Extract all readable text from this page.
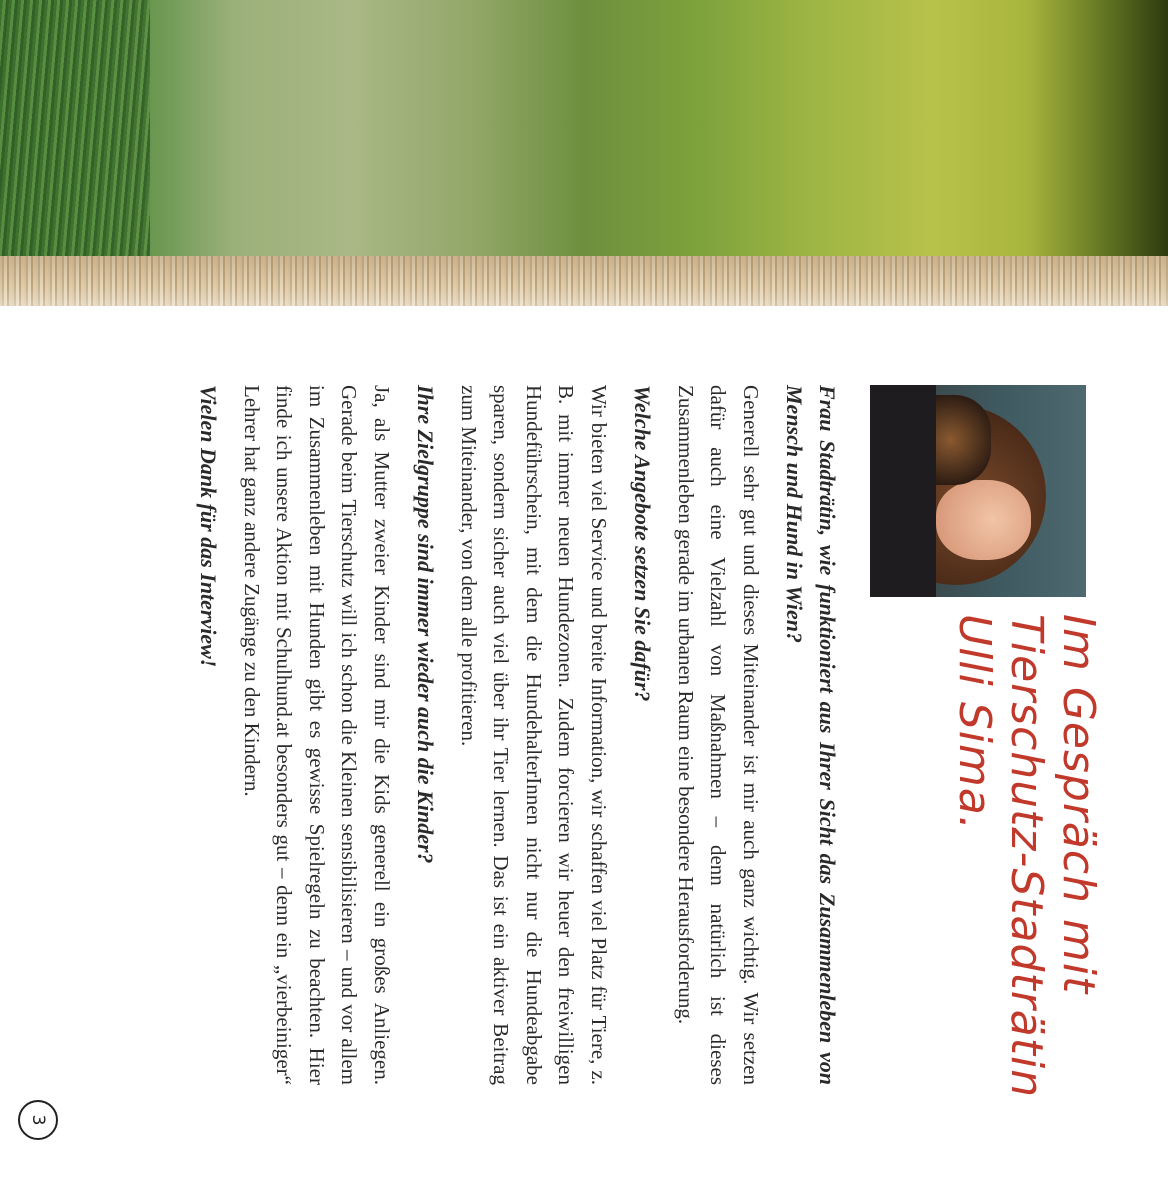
Im Gespräch mit
Tierschutz-Stadträtin
Ulli Sima.

Frau Stadträtin, wie funktioniert aus Ihrer Sicht das Zusammenleben von Mensch und Hund in Wien?

Generell sehr gut und dieses Miteinander ist mir auch ganz wichtig. Wir setzen dafür auch eine Vielzahl von Maßnahmen – denn natürlich ist dieses Zusammenleben gerade im urbanen Raum eine besondere Herausforderung.

Welche Angebote setzen Sie dafür?

Wir bieten viel Service und breite Information, wir schaffen viel Platz für Tiere, z. B. mit immer neuen Hundezonen. Zudem forcieren wir heuer den freiwilligen Hundeführschein, mit dem die HundehalterInnen nicht nur die Hundeabgabe sparen, sondern sicher auch viel über ihr Tier lernen. Das ist ein aktiver Beitrag zum Miteinander, von dem alle profitieren.

Ihre Zielgruppe sind immer wieder auch die Kinder?

Ja, als Mutter zweier Kinder sind mir die Kids generell ein großes Anliegen. Gerade beim Tierschutz will ich schon die Kleinen sensibilisieren – und vor allem im Zusammenleben mit Hunden gibt es gewisse Spielregeln zu beachten. Hier finde ich unsere Aktion mit Schulhund.at besonders gut – denn ein „vierbeiniger“ Lehrer hat ganz andere Zugänge zu den Kindern.

Vielen Dank für das Interview!

3
